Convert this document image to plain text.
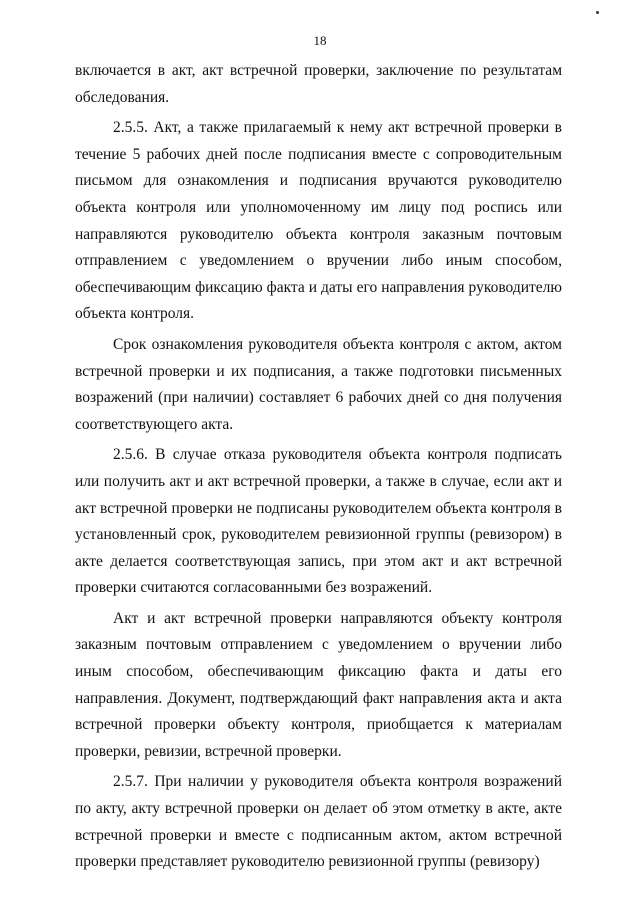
18

включается в акт, акт встречной проверки, заключение по результатам обследования.

2.5.5. Акт, а также прилагаемый к нему акт встречной проверки в течение 5 рабочих дней после подписания вместе с сопроводительным письмом для ознакомления и подписания вручаются руководителю объекта контроля или уполномоченному им лицу под роспись или направляются руководителю объекта контроля заказным почтовым отправлением с уведомлением о вручении либо иным способом, обеспечивающим фиксацию факта и даты его направления руководителю объекта контроля.

Срок ознакомления руководителя объекта контроля с актом, актом встречной проверки и их подписания, а также подготовки письменных возражений (при наличии) составляет 6 рабочих дней со дня получения соответствующего акта.

2.5.6. В случае отказа руководителя объекта контроля подписать или получить акт и акт встречной проверки, а также в случае, если акт и акт встречной проверки не подписаны руководителем объекта контроля в установленный срок, руководителем ревизионной группы (ревизором) в акте делается соответствующая запись, при этом акт и акт встречной проверки считаются согласованными без возражений.

Акт и акт встречной проверки направляются объекту контроля заказным почтовым отправлением с уведомлением о вручении либо иным способом, обеспечивающим фиксацию факта и даты его направления. Документ, подтверждающий факт направления акта и акта встречной проверки объекту контроля, приобщается к материалам проверки, ревизии, встречной проверки.

2.5.7. При наличии у руководителя объекта контроля возражений по акту, акту встречной проверки он делает об этом отметку в акте, акте встречной проверки и вместе с подписанным актом, актом встречной проверки представляет руководителю ревизионной группы (ревизору)
